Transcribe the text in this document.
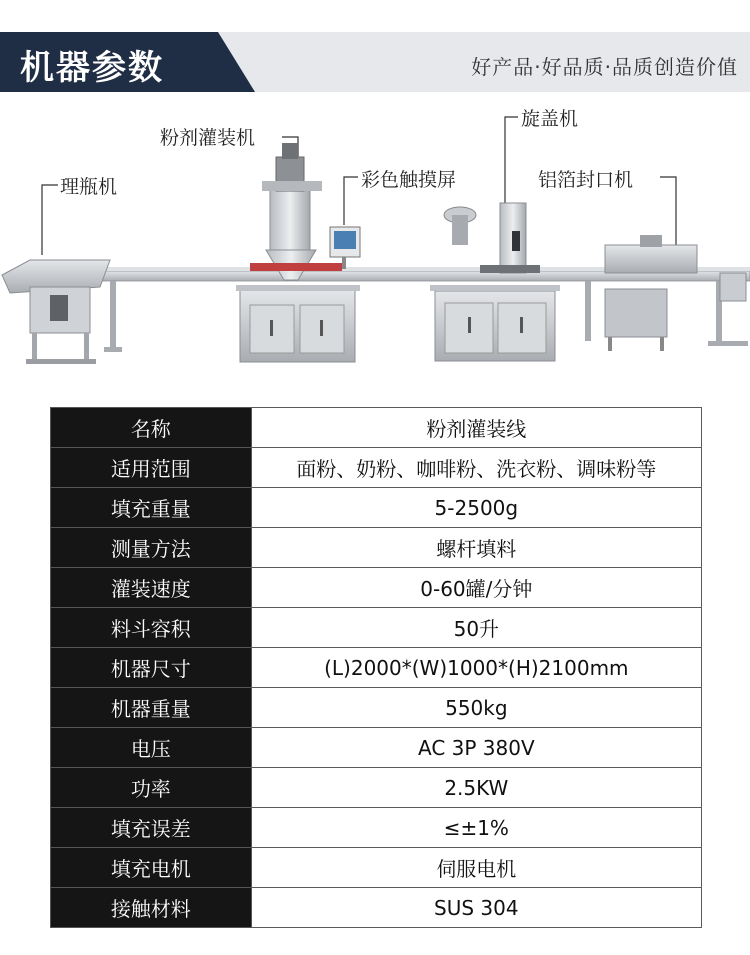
机器参数	好产品·好品质·品质创造价值
理瓶机
粉剂灌装机
彩色触摸屏
旋盖机
铝箔封口机
名称	粉剂灌装线
适用范围	面粉、奶粉、咖啡粉、洗衣粉、调味粉等
填充重量	5-2500g
测量方法	螺杆填料
灌装速度	0-60罐/分钟
料斗容积	50升
机器尺寸	(L)2000*(W)1000*(H)2100mm
机器重量	550kg
电压	AC 3P 380V
功率	2.5KW
填充误差	≤±1%
填充电机	伺服电机
接触材料	SUS 304
